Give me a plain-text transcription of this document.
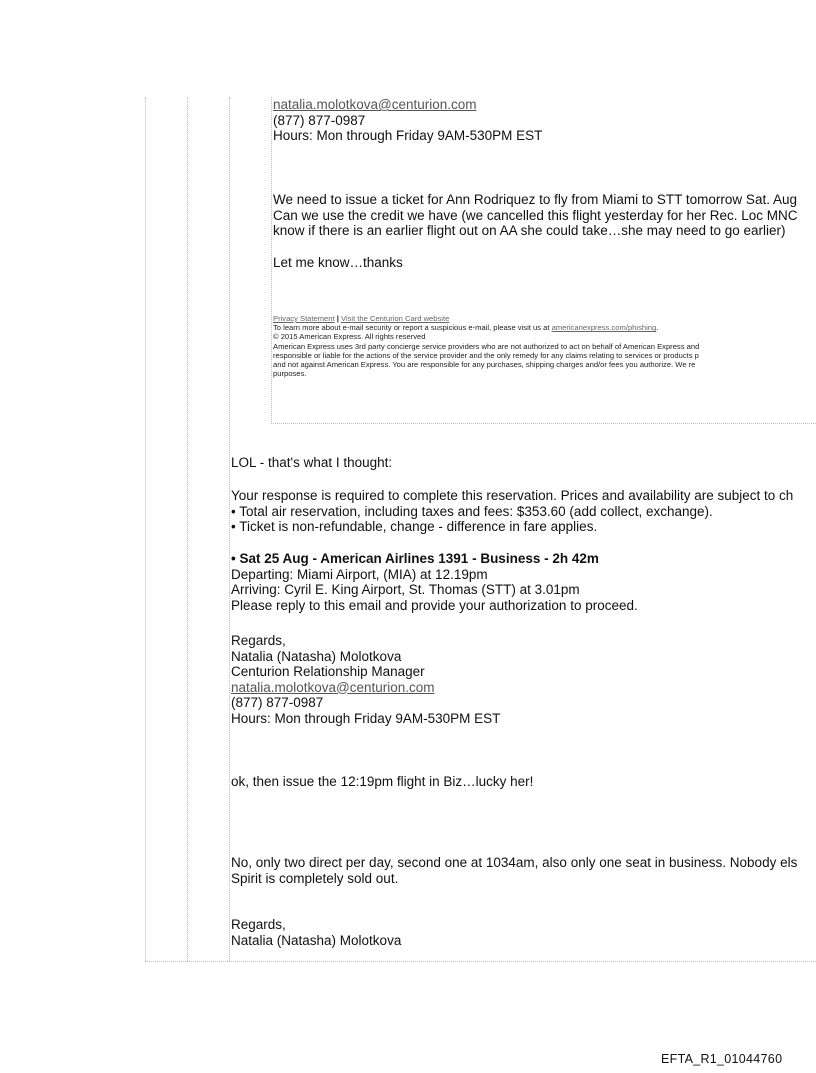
natalia.molotkova@centurion.com
(877) 877-0987
Hours: Mon through Friday 9AM-530PM EST
We need to issue a ticket for Ann Rodriquez to fly from Miami to STT tomorrow Sat. Aug
Can we use the credit we have (we cancelled this flight yesterday for her Rec. Loc MNC
know if there is an earlier flight out on AA she could take…she may need to go earlier)
Let me know…thanks
Privacy Statement | Visit the Centurion Card website
To learn more about e-mail security or report a suspicious e-mail, please visit us at americanexpress.com/phishing.
© 2015 American Express. All rights reserved
American Express uses 3rd party concierge service providers who are not authorized to act on behalf of American Express and
responsible or liable for the actions of the service provider and the only remedy for any claims relating to services or products p
and not against American Express. You are responsible for any purchases, shipping charges and/or fees you authorize. We re
purposes.
LOL - that's what I thought:
Your response is required to complete this reservation. Prices and availability are subject to ch
• Total air reservation, including taxes and fees: $353.60 (add collect, exchange).
• Ticket is non-refundable, change - difference in fare applies.
• Sat 25 Aug - American Airlines 1391 - Business - 2h 42m
Departing: Miami Airport, (MIA) at 12.19pm
Arriving: Cyril E. King Airport, St. Thomas (STT) at 3.01pm
Please reply to this email and provide your authorization to proceed.
Regards,
Natalia (Natasha) Molotkova
Centurion Relationship Manager
natalia.molotkova@centurion.com
(877) 877-0987
Hours: Mon through Friday 9AM-530PM EST
ok, then issue the 12:19pm flight in Biz…lucky her!
No, only two direct per day, second one at 1034am, also only one seat in business. Nobody els
Spirit is completely sold out.
Regards,
Natalia (Natasha) Molotkova
EFTA_R1_01044760
